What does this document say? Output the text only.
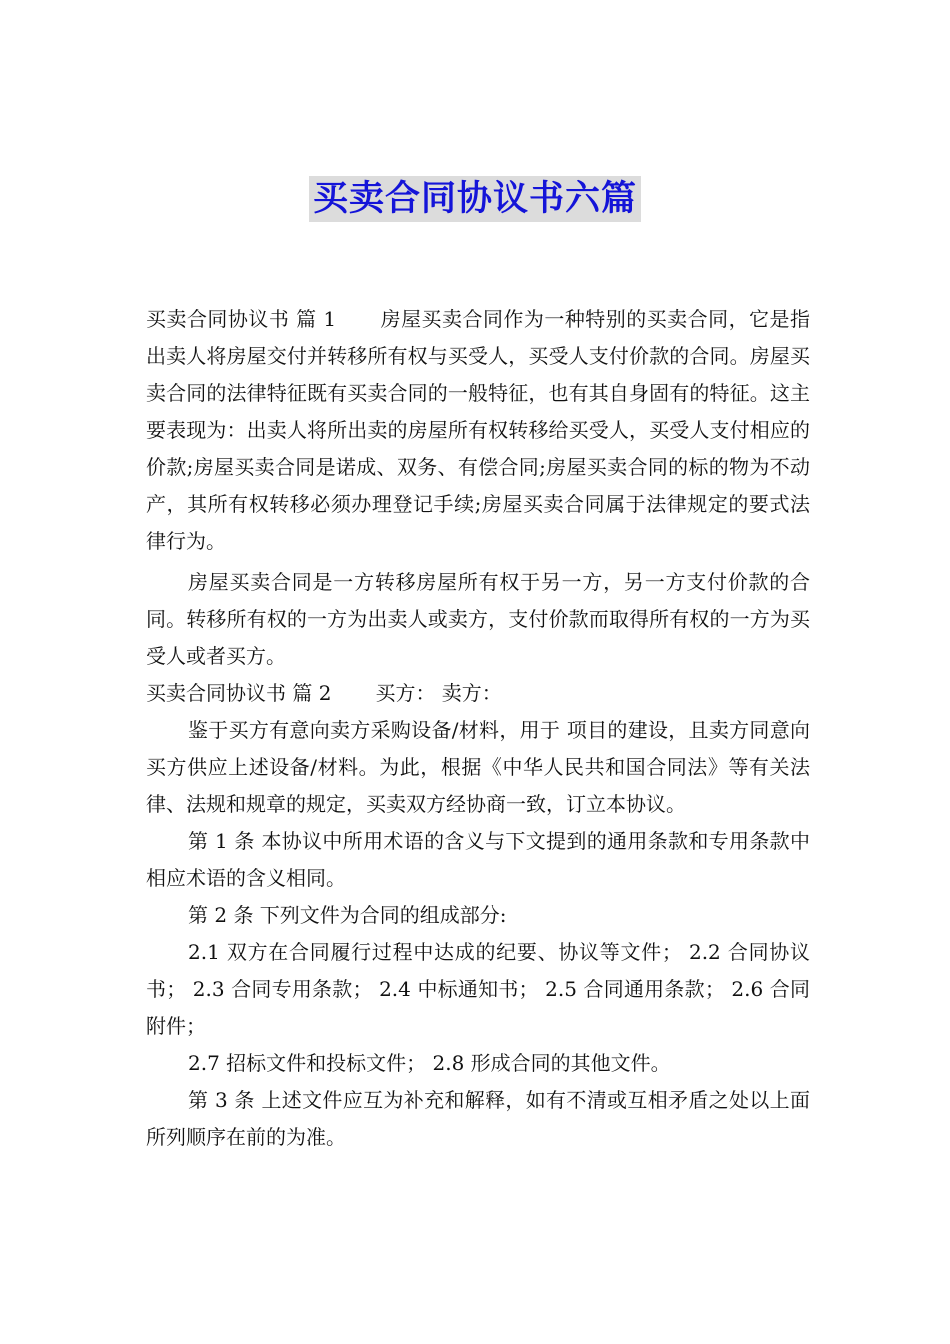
买卖合同协议书六篇

买卖合同协议书 篇 1 房屋买卖合同作为一种特别的买卖合同，它是指出卖人将房屋交付并转移所有权与买受人，买受人支付价款的合同。房屋买卖合同的法律特征既有买卖合同的一般特征，也有其自身固有的特征。这主要表现为：出卖人将所出卖的房屋所有权转移给买受人，买受人支付相应的价款;房屋买卖合同是诺成、双务、有偿合同;房屋买卖合同的标的物为不动产，其所有权转移必须办理登记手续;房屋买卖合同属于法律规定的要式法律行为。

房屋买卖合同是一方转移房屋所有权于另一方，另一方支付价款的合同。转移所有权的一方为出卖人或卖方，支付价款而取得所有权的一方为买受人或者买方。

买卖合同协议书 篇 2 买方： 卖方：

鉴于买方有意向卖方采购设备/材料，用于 项目的建设，且卖方同意向买方供应上述设备/材料。为此，根据《中华人民共和国合同法》等有关法律、法规和规章的规定，买卖双方经协商一致，订立本协议。

第 1 条 本协议中所用术语的含义与下文提到的通用条款和专用条款中相应术语的含义相同。

第 2 条 下列文件为合同的组成部分:

2.1 双方在合同履行过程中达成的纪要、协议等文件； 2.2 合同协议书； 2.3 合同专用条款； 2.4 中标通知书； 2.5 合同通用条款； 2.6 合同附件；

2.7 招标文件和投标文件； 2.8 形成合同的其他文件。

第 3 条 上述文件应互为补充和解释，如有不清或互相矛盾之处以上面所列顺序在前的为准。
